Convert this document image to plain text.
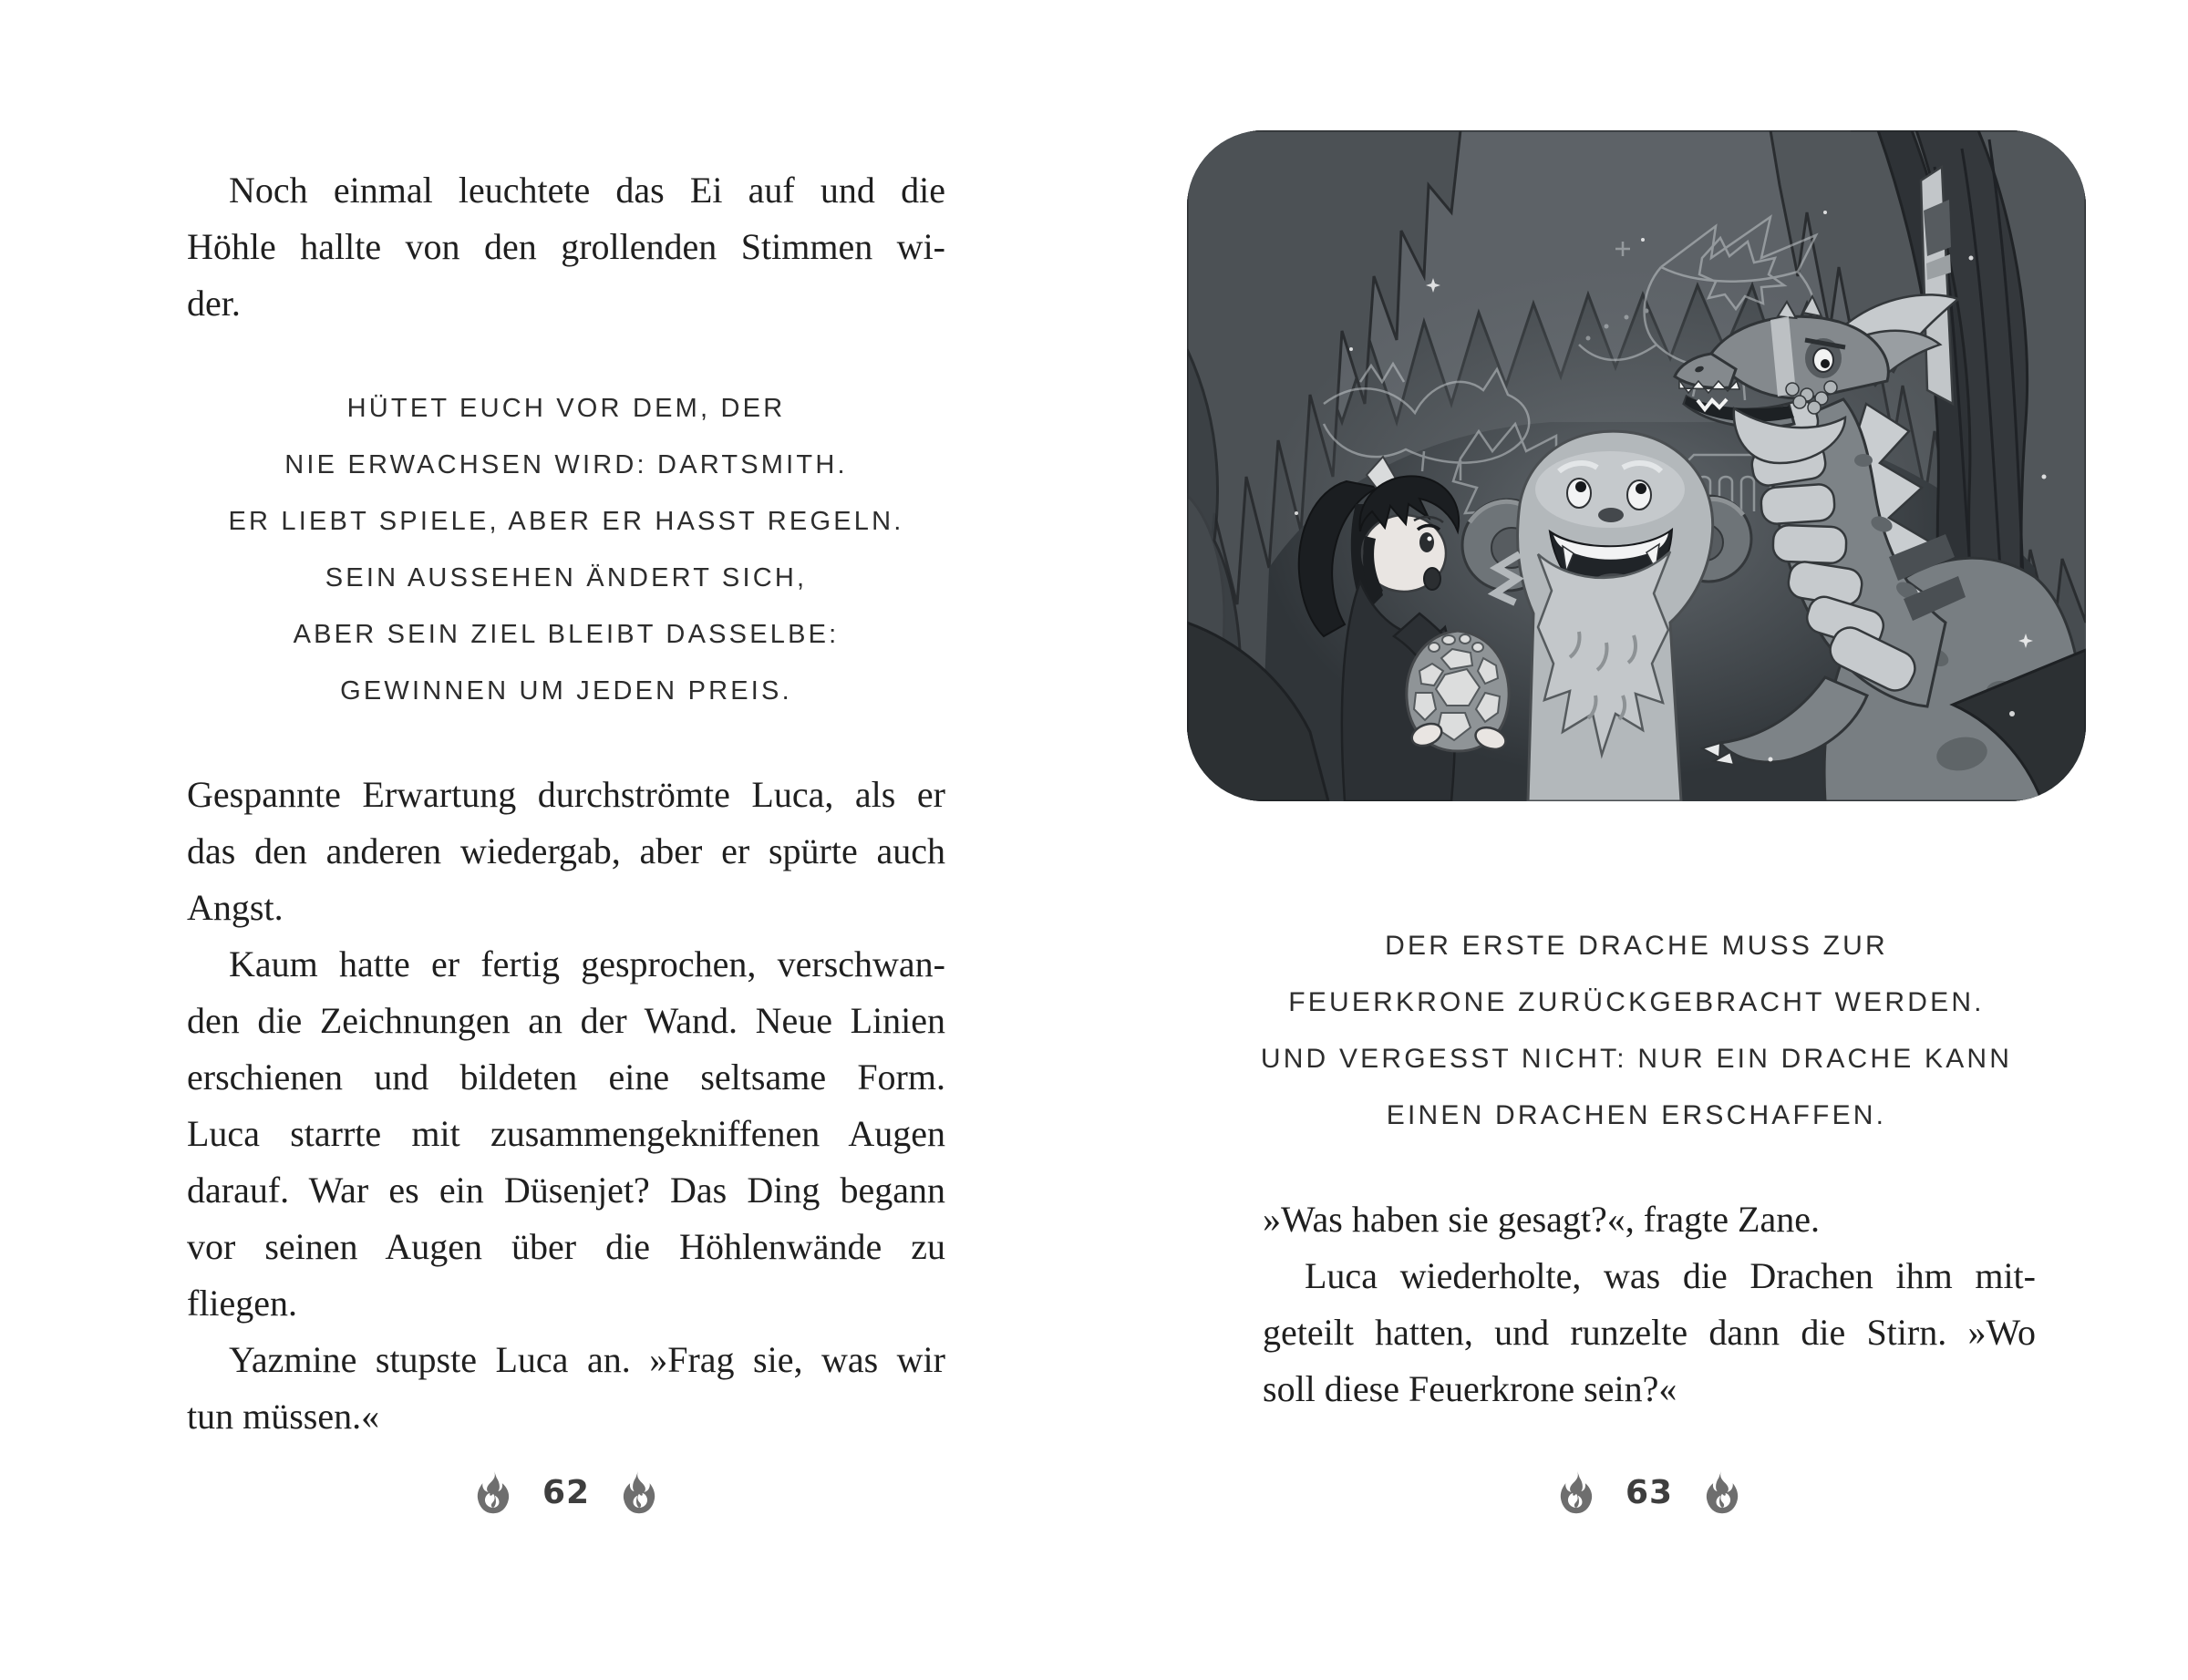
Noch einmal leuchtete das Ei auf und die
Höhle hallte von den grollenden Stimmen wi-
der.
HÜTET EUCH VOR DEM, DER
NIE ERWACHSEN WIRD: DARTSMITH.
ER LIEBT SPIELE, ABER ER HASST REGELN.
SEIN AUSSEHEN ÄNDERT SICH,
ABER SEIN ZIEL BLEIBT DASSELBE:
GEWINNEN UM JEDEN PREIS.
Gespannte Erwartung durchströmte Luca, als er
das den anderen wiedergab, aber er spürte auch
Angst.
Kaum hatte er fertig gesprochen, verschwan-
den die Zeichnungen an der Wand. Neue Linien
erschienen und bildeten eine seltsame Form.
Luca starrte mit zusammengekniffenen Augen
darauf. War es ein Düsenjet? Das Ding begann
vor seinen Augen über die Höhlenwände zu
fliegen.
Yazmine stupste Luca an. »Frag sie, was wir
tun müssen.«
62
DER ERSTE DRACHE MUSS ZUR
FEUERKRONE ZURÜCKGEBRACHT WERDEN.
UND VERGESST NICHT: NUR EIN DRACHE KANN
EINEN DRACHEN ERSCHAFFEN.
»Was haben sie gesagt?«, fragte Zane.
Luca wiederholte, was die Drachen ihm mit-
geteilt hatten, und runzelte dann die Stirn. »Wo
soll diese Feuerkrone sein?«
63
